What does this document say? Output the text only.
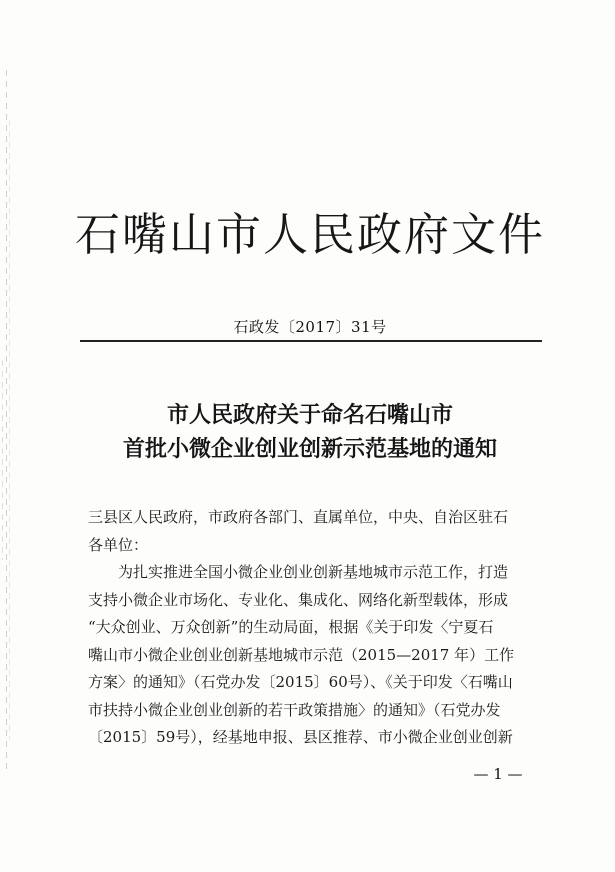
石嘴山市人民政府文件
石政发〔2017〕31号
市人民政府关于命名石嘴山市
首批小微企业创业创新示范基地的通知
三县区人民政府，市政府各部门、直属单位，中央、自治区驻石
各单位：
　　为扎实推进全国小微企业创业创新基地城市示范工作，打造
支持小微企业市场化、专业化、集成化、网络化新型载体，形成
“大众创业、万众创新”的生动局面，根据《关于印发〈宁夏石
嘴山市小微企业创业创新基地城市示范（2015—2017 年）工作
方案〉的通知》（石党办发〔2015〕60号）、《关于印发〈石嘴山
市扶持小微企业创业创新的若干政策措施〉的通知》（石党办发
〔2015〕59号），经基地申报、县区推荐、市小微企业创业创新
— 1 —
